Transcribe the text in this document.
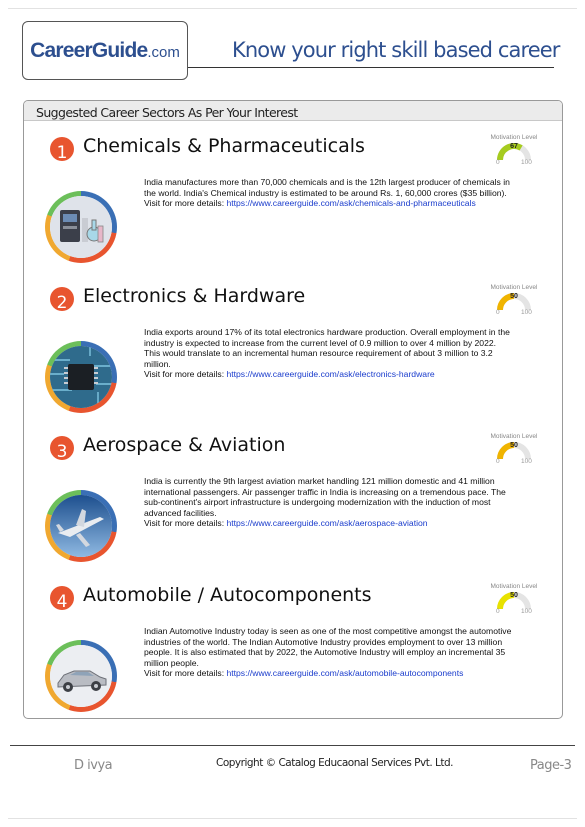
CareerGuide.com Know your right skill based career
Suggested Career Sectors As Per Your Interest
1 Chemicals & Pharmaceuticals	Motivation Level
67
0	100
India manufactures more than 70,000 chemicals and is the 12th largest producer of chemicals in the world. India's Chemical industry is estimated to be around Rs. 1, 60,000 crores ($35 billion).
Visit for more details: https://www.careerguide.com/ask/chemicals-and-pharmaceuticals
2 Electronics & Hardware	Motivation Level
50
0	100
India exports around 17% of its total electronics hardware production. Overall employment in the industry is expected to increase from the current level of 0.9 million to over 4 million by 2022. This would translate to an incremental human resource requirement of about 3 million to 3.2 million.
Visit for more details: https://www.careerguide.com/ask/electronics-hardware
3 Aerospace & Aviation	Motivation Level
50
0	100
India is currently the 9th largest aviation market handling 121 million domestic and 41 million international passengers. Air passenger traffic in India is increasing on a tremendous pace. The sub-continent's airport infrastructure is undergoing modernization with the induction of most advanced facilities.
Visit for more details: https://www.careerguide.com/ask/aerospace-aviation
4 Automobile / Autocomponents	Motivation Level
50
0	100
Indian Automotive Industry today is seen as one of the most competitive amongst the automotive industries of the world. The Indian Automotive Industry provides employment to over 13 million people. It is also estimated that by 2022, the Automotive Industry will employ an incremental 35 million people.
Visit for more details: https://www.careerguide.com/ask/automobile-autocomponents
D ivya	Copyright © Catalog Educaonal Services Pvt. Ltd.	Page-3
